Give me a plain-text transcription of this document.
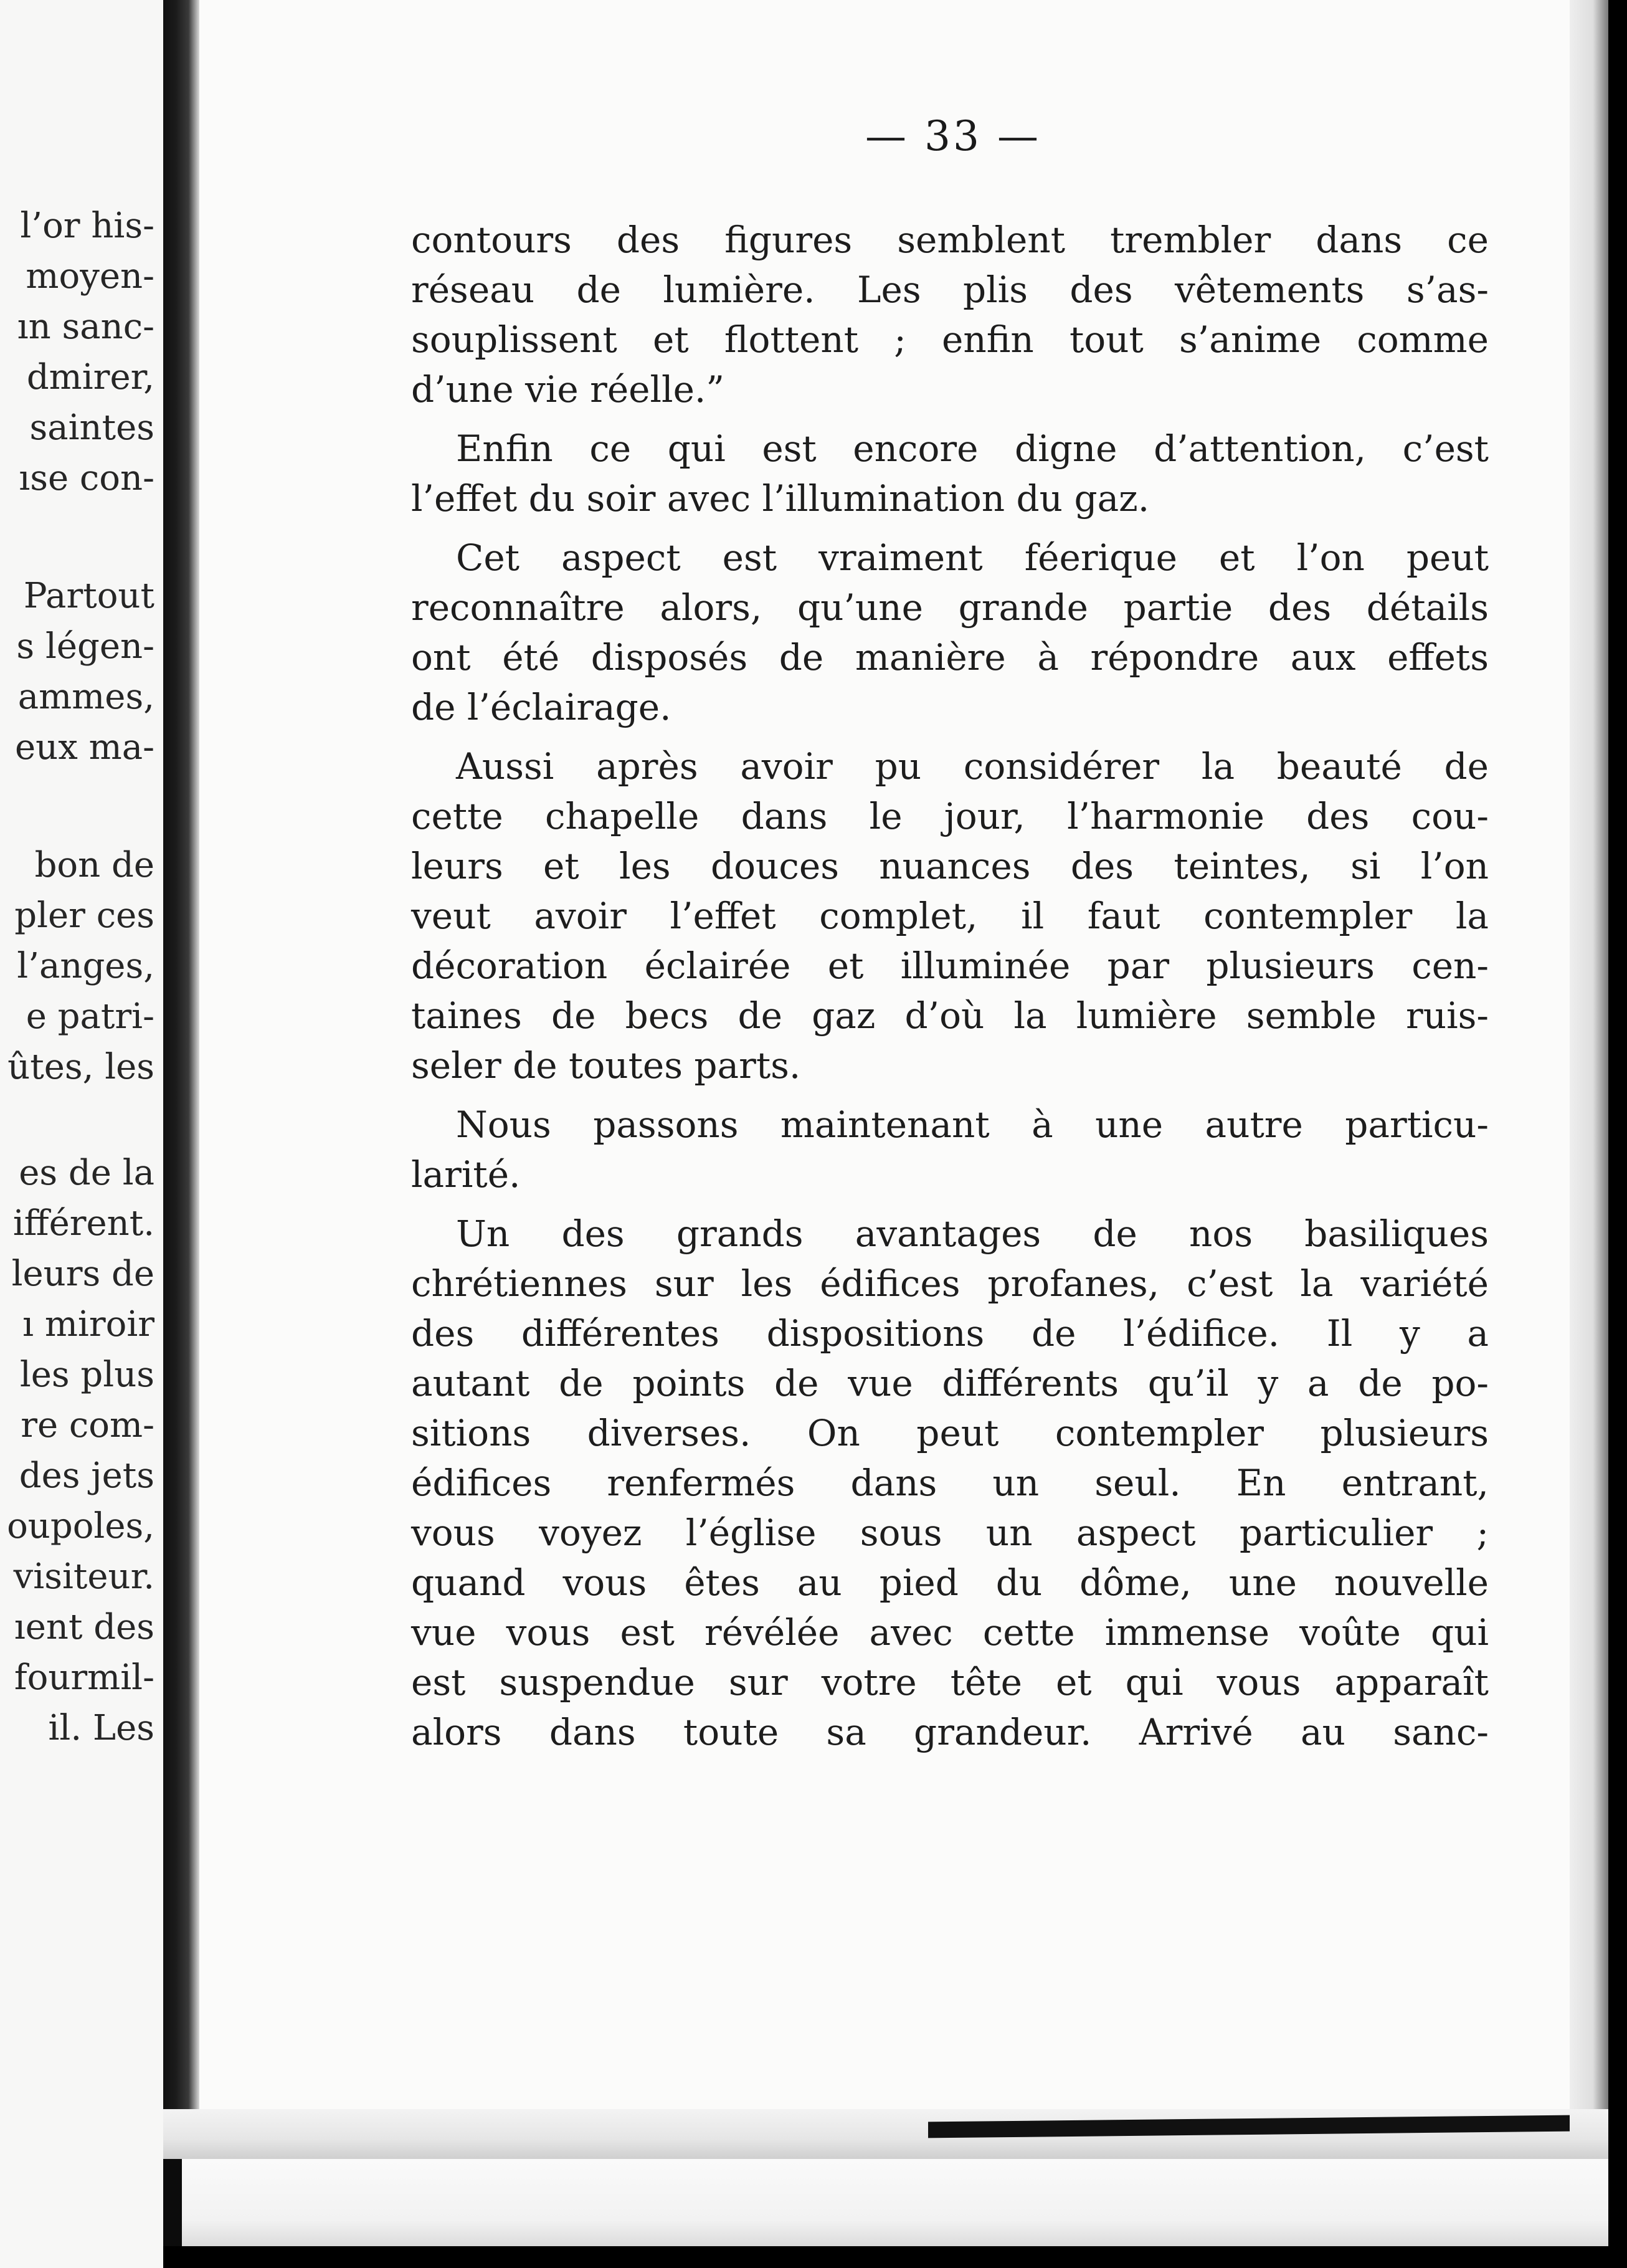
l’or his-
moyen-
ın sanc-
dmirer,
saintes
ıse con-
Partout
s légen-
ammes,
eux ma-
bon de
pler ces
l’anges,
e patri-
ûtes, les
es de la
ifférent.
leurs de
ı miroir
les plus
re com-
des jets
oupoles,
visiteur.
ıent des
fourmil-
il. Les
— 33 —
contours des figures semblent trembler dans ce
réseau de lumière. Les plis des vêtements s’as-
souplissent et flottent ; enfin tout s’anime comme
d’une vie réelle.”
Enfin ce qui est encore digne d’attention, c’est
l’effet du soir avec l’illumination du gaz.
Cet aspect est vraiment féerique et l’on peut
reconnaître alors, qu’une grande partie des détails
ont été disposés de manière à répondre aux effets
de l’éclairage.
Aussi après avoir pu considérer la beauté de
cette chapelle dans le jour, l’harmonie des cou-
leurs et les douces nuances des teintes, si l’on
veut avoir l’effet complet, il faut contempler la
décoration éclairée et illuminée par plusieurs cen-
taines de becs de gaz d’où la lumière semble ruis-
seler de toutes parts.
Nous passons maintenant à une autre particu-
larité.
Un des grands avantages de nos basiliques
chrétiennes sur les édifices profanes, c’est la variété
des différentes dispositions de l’édifice. Il y a
autant de points de vue différents qu’il y a de po-
sitions diverses. On peut contempler plusieurs
édifices renfermés dans un seul. En entrant,
vous voyez l’église sous un aspect particulier ;
quand vous êtes au pied du dôme, une nouvelle
vue vous est révélée avec cette immense voûte qui
est suspendue sur votre tête et qui vous apparaît
alors dans toute sa grandeur. Arrivé au sanc-
